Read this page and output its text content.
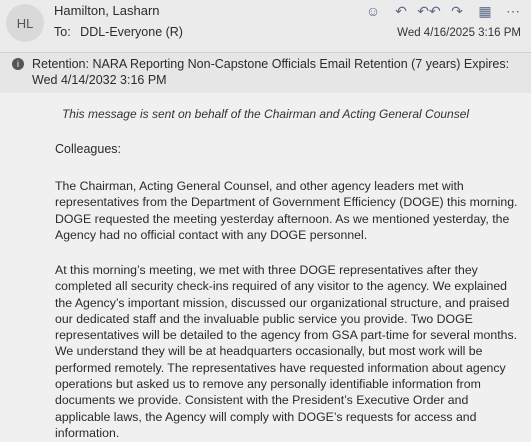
HL
Hamilton, Lasharn
To: DDL-Everyone (R)
☺	↶ ↶↶ ↷	▦	⋯
Wed 4/16/2025 3:16 PM
i	Retention: NARA Reporting Non-Capstone Officials Email Retention (7 years) Expires: Wed 4/14/2032 3:16 PM
This message is sent on behalf of the Chairman and Acting General Counsel
Colleagues:
The Chairman, Acting General Counsel, and other agency leaders met with representatives from the Department of Government Efficiency (DOGE) this morning. DOGE requested the meeting yesterday afternoon. As we mentioned yesterday, the Agency had no official contact with any DOGE personnel.
At this morning’s meeting, we met with three DOGE representatives after they completed all security check-ins required of any visitor to the agency. We explained the Agency’s important mission, discussed our organizational structure, and praised our dedicated staff and the invaluable public service you provide. Two DOGE representatives will be detailed to the agency from GSA part-time for several months. We understand they will be at headquarters occasionally, but most work will be performed remotely. The representatives have requested information about agency operations but asked us to remove any personally identifiable information from documents we provide. Consistent with the President’s Executive Order and applicable laws, the Agency will comply with DOGE’s requests for access and information.
